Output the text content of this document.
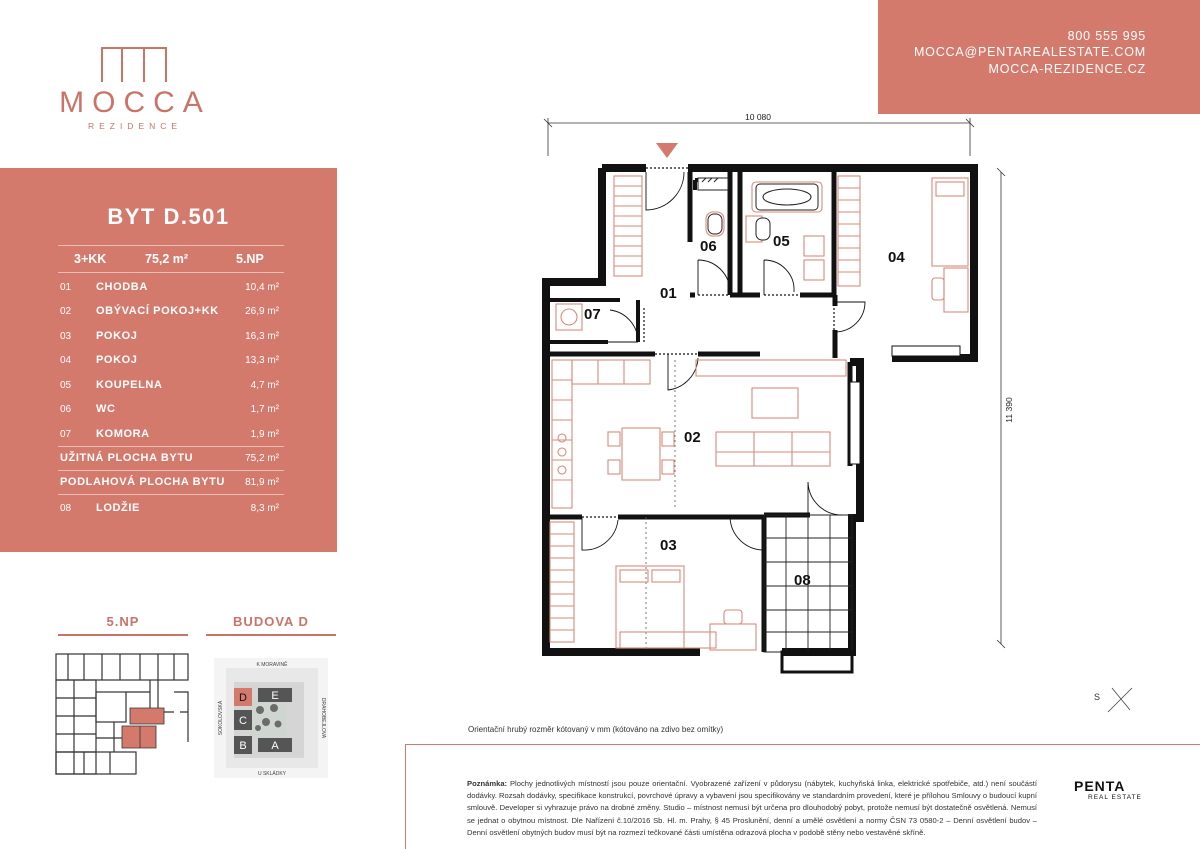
MOCCA
REZIDENCE
800 555 995
MOCCA@PENTAREALESTATE.COM
MOCCA-REZIDENCE.CZ
BYT D.501
3+KK	75,2 m²	5.NP
01 CHODBA	10,4 m²
02 OBÝVACÍ POKOJ+KK	26,9 m²
03 POKOJ	16,3 m²
04 POKOJ	13,3 m²
05 KOUPELNA	4,7 m²
06 WC	1,7 m²
07 KOMORA	1,9 m²
UŽITNÁ PLOCHA BYTU	75,2 m²
PODLAHOVÁ PLOCHA BYTU 81,9 m²
08 LODŽIE	8,3 m²
5.NP	BUDOVA D
D E
C
B A
K MORAVINĚ
U SKLÁDKY
SOKOLOVSKÁ	DRAHOBEJLOVA
10 080
11 390
01
02
03
04
05
06
07
08
S
Orientační hrubý rozměr kótovaný v mm (kótováno na zdivo bez omítky)
Poznámka: Plochy jednotlivých místností jsou pouze orientační. Vyobrazené zařízení v půdorysu (nábytek, kuchyňská linka, elektrické spotřebiče, atd.) není součástí dodávky. Rozsah dodávky, specifikace konstrukcí, povrchové úpravy a vybavení jsou specifikovány ve standardním provedení, které je přílohou Smlouvy o budoucí kupní smlouvě. Developer si vyhrazuje právo na drobné změny. Studio – místnost nemusí být určena pro dlouhodobý pobyt, protože nemusí být dostatečně osvětlená. Nemusí se jednat o obytnou místnost. Dle Nařízení č.10/2016 Sb. Hl. m. Prahy, § 45 Proslunění, denní a umělé osvětlení a normy ČSN 73 0580-2 – Denní osvětlení budov – Denní osvětlení obytných budov musí být na rozmezí tečkované části umístěna odrazová plocha v podobě stěny nebo vestavěné skříně.
PENTA
REAL ESTATE
